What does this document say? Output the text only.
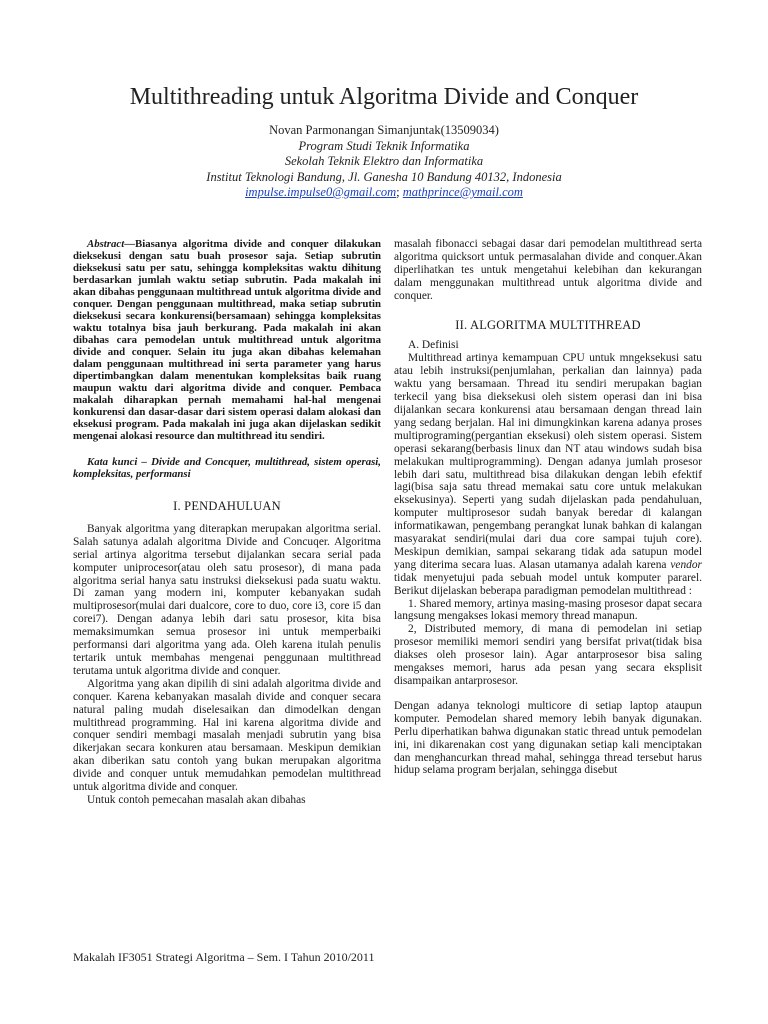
Multithreading untuk Algoritma Divide and Conquer
Novan Parmonangan Simanjuntak(13509034)
Program Studi Teknik Informatika
Sekolah Teknik Elektro dan Informatika
Institut Teknologi Bandung, Jl. Ganesha 10 Bandung 40132, Indonesia
impulse.impulse0@gmail.com; mathprince@ymail.com

Abstract—Biasanya algoritma divide and conquer dilakukan dieksekusi dengan satu buah prosesor saja. Setiap subrutin dieksekusi satu per satu, sehingga kompleksitas waktu dihitung berdasarkan jumlah waktu setiap subrutin. Pada makalah ini akan dibahas penggunaan multithread untuk algoritma divide and conquer. Dengan penggunaan multithread, maka setiap subrutin dieksekusi secara konkurensi(bersamaan) sehingga kompleksitas waktu totalnya bisa jauh berkurang. Pada makalah ini akan dibahas cara pemodelan untuk multithread untuk algoritma divide and conquer. Selain itu juga akan dibahas kelemahan dalam penggunaan multithread ini serta parameter yang harus dipertimbangkan dalam menentukan kompleksitas baik ruang maupun waktu dari algoritma divide and conquer. Pembaca makalah diharapkan pernah memahami hal-hal mengenai konkurensi dan dasar-dasar dari sistem operasi dalam alokasi dan eksekusi program. Pada makalah ini juga akan dijelaskan sedikit mengenai alokasi resource dan multithread itu sendiri.

Kata kunci – Divide and Concquer, multithread, sistem operasi, kompleksitas, performansi

I. PENDAHULUAN

Banyak algoritma yang diterapkan merupakan algoritma serial. Salah satunya adalah algoritma Divide and Concuqer. Algoritma serial artinya algoritma tersebut dijalankan secara serial pada komputer uniprocesor(atau oleh satu prosesor), di mana pada algoritma serial hanya satu instruksi dieksekusi pada suatu waktu. Di zaman yang modern ini, komputer kebanyakan sudah multiprosesor(mulai dari dualcore, core to duo, core i3, core i5 dan corei7). Dengan adanya lebih dari satu prosesor, kita bisa memaksimumkan semua prosesor ini untuk memperbaiki performansi dari algoritma yang ada. Oleh karena itulah penulis tertarik untuk membahas mengenai penggunaan multithread terutama untuk algoritma divide and conquer.

Algoritma yang akan dipilih di sini adalah algoritma divide and conquer. Karena kebanyakan masalah divide and conquer secara natural paling mudah diselesaikan dan dimodelkan dengan multithread programming. Hal ini karena algoritma divide and conquer sendiri membagi masalah menjadi subrutin yang bisa dikerjakan secara konkuren atau bersamaan. Meskipun demikian akan diberikan satu contoh yang bukan merupakan algoritma divide and conquer untuk memudahkan pemodelan multithread untuk algoritma divide and conquer.

Untuk contoh pemecahan masalah akan dibahas

masalah fibonacci sebagai dasar dari pemodelan multithread serta algoritma quicksort untuk permasalahan divide and conquer.Akan diperlihatkan tes untuk mengetahui kelebihan dan kekurangan dalam menggunakan multithread untuk algoritma divide and conquer.

II. ALGORITMA MULTITHREAD

A. Definisi

Multithread artinya kemampuan CPU untuk mngeksekusi satu atau lebih instruksi(penjumlahan, perkalian dan lainnya) pada waktu yang bersamaan. Thread itu sendiri merupakan bagian terkecil yang bisa dieksekusi oleh sistem operasi dan ini bisa dijalankan secara konkurensi atau bersamaan dengan thread lain yang sedang berjalan. Hal ini dimungkinkan karena adanya proses multiprograming(pergantian eksekusi) oleh sistem operasi. Sistem operasi sekarang(berbasis linux dan NT atau windows sudah bisa melakukan multiprogramming). Dengan adanya jumlah prosesor lebih dari satu, multithread bisa dilakukan dengan lebih efektif lagi(bisa saja satu thread memakai satu core untuk melakukan eksekusinya). Seperti yang sudah dijelaskan pada pendahuluan, komputer multiprosesor sudah banyak beredar di kalangan informatikawan, pengembang perangkat lunak bahkan di kalangan masyarakat sendiri(mulai dari dua core sampai tujuh core). Meskipun demikian, sampai sekarang tidak ada satupun model yang diterima secara luas. Alasan utamanya adalah karena vendor tidak menyetujui pada sebuah model untuk komputer pararel. Berikut dijelaskan beberapa paradigman pemodelan multithread :

1. Shared memory, artinya masing-masing prosesor dapat secara langsung mengakses lokasi memory thread manapun.

2, Distributed memory, di mana di pemodelan ini setiap prosesor memiliki memori sendiri yang bersifat privat(tidak bisa diakses oleh prosesor lain). Agar antarprosesor bisa saling mengakses memori, harus ada pesan yang secara eksplisit disampaikan antarprosesor.

Dengan adanya teknologi multicore di setiap laptop ataupun komputer. Pemodelan shared memory lebih banyak digunakan. Perlu diperhatikan bahwa digunakan static thread untuk pemodelan ini, ini dikarenakan cost yang digunakan setiap kali menciptakan dan menghancurkan thread mahal, sehingga thread tersebut harus hidup selama program berjalan, sehingga disebut

Makalah IF3051 Strategi Algoritma – Sem. I Tahun 2010/2011
